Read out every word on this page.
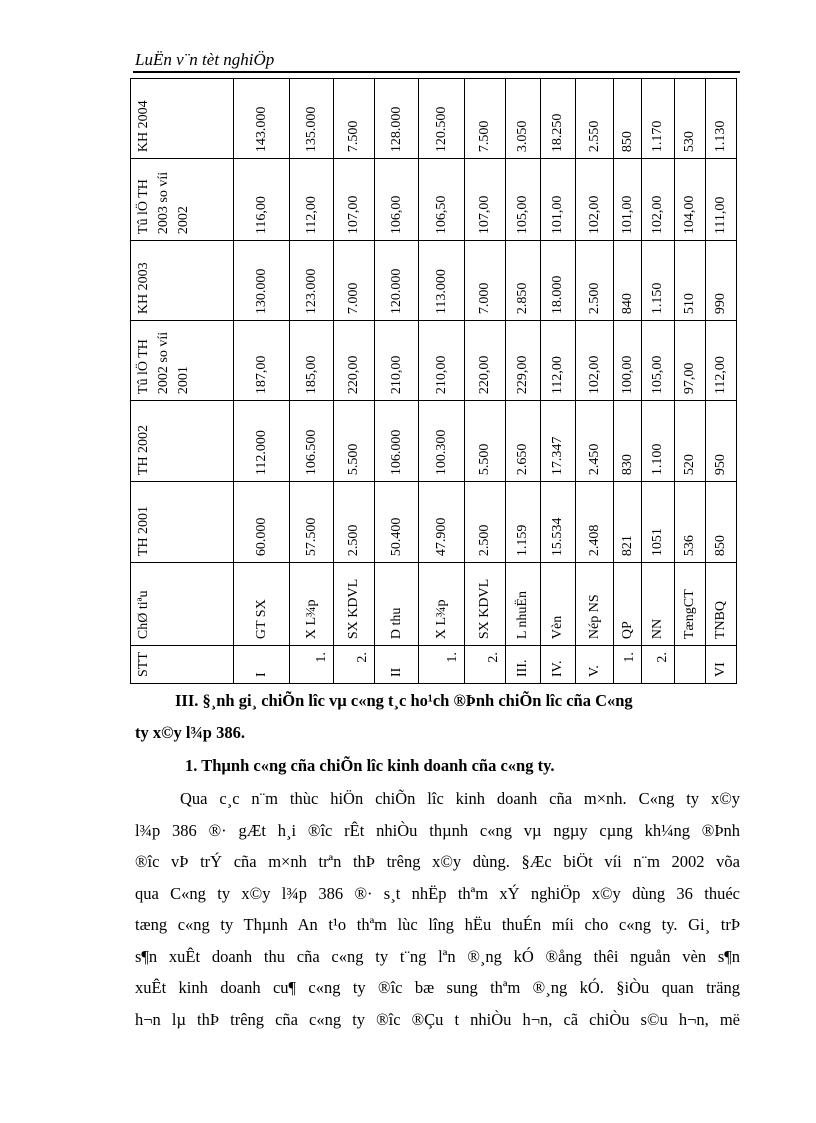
LuËn v¨n tèt nghiÖp
STT	ChØ tiªu	TH 2001	TH 2002	Tû lÖ TH 2002 so víi 2001	KH 2003	Tû lÖ TH 2003 so víi 2002	KH 2004
I	GT SX	60.000	112.000	187,00	130.000	116,00	143.000
1.	X L¾p	57.500	106.500	185,00	123.000	112,00	135.000
2.	SX KDVL	2.500	5.500	220,00	7.000	107,00	7.500
II	D thu	50.400	106.000	210,00	120.000	106,00	128.000
1.	X L¾p	47.900	100.300	210,00	113.000	106,50	120.500
2.	SX KDVL	2.500	5.500	220,00	7.000	107,00	7.500
III.	L nhuËn	1.159	2.650	229,00	2.850	105,00	3.050
IV.	Vèn	15.534	17.347	112,00	18.000	101,00	18.250
V.	Nép NS	2.408	2.450	102,00	2.500	102,00	2.550
1.	QP	821	830	100,00	840	101,00	850
2.	NN	1051	1.100	105,00	1.150	102,00	1.170
	TængCT	536	520	97,00	510	104,00	530
VI	TNBQ	850	950	112,00	990	111,00	1.130
III. §¸nh gi¸ chiÕn lîc vµ c«ng t¸c ho¹ch ®Þnh chiÕn lîc cña C«ng
ty x©y l¾p 386.
1. Thµnh c«ng cña chiÕn lîc kinh doanh cña c«ng ty.
Qua c¸c n¨m thùc hiÖn chiÕn lîc kinh doanh cña m×nh. C«ng ty x©y
l¾p 386 ®· gÆt h¸i ®îc rÊt nhiÒu thµnh c«ng vµ ngµy cµng kh¼ng ®Þnh
®îc vÞ trÝ cña m×nh trªn thÞ trêng x©y dùng. §Æc biÖt víi n¨m 2002 võa
qua C«ng ty x©y l¾p 386 ®· s¸t nhËp thªm xÝ nghiÖp x©y dùng 36 thuéc
tæng c«ng ty Thµnh An t¹o thªm lùc lîng hËu thuÉn míi cho c«ng ty. Gi¸ trÞ
s¶n xuÊt doanh thu cña c«ng ty t¨ng lªn ®¸ng kÓ ®ång thêi nguån vèn s¶n
xuÊt kinh doanh cu¶ c«ng ty ®îc bæ sung thªm ®¸ng kÓ. §iÒu quan träng
h¬n lµ thÞ trêng cña c«ng ty ®îc ®Çu t nhiÒu h¬n, cã chiÒu s©u h¬n, më
